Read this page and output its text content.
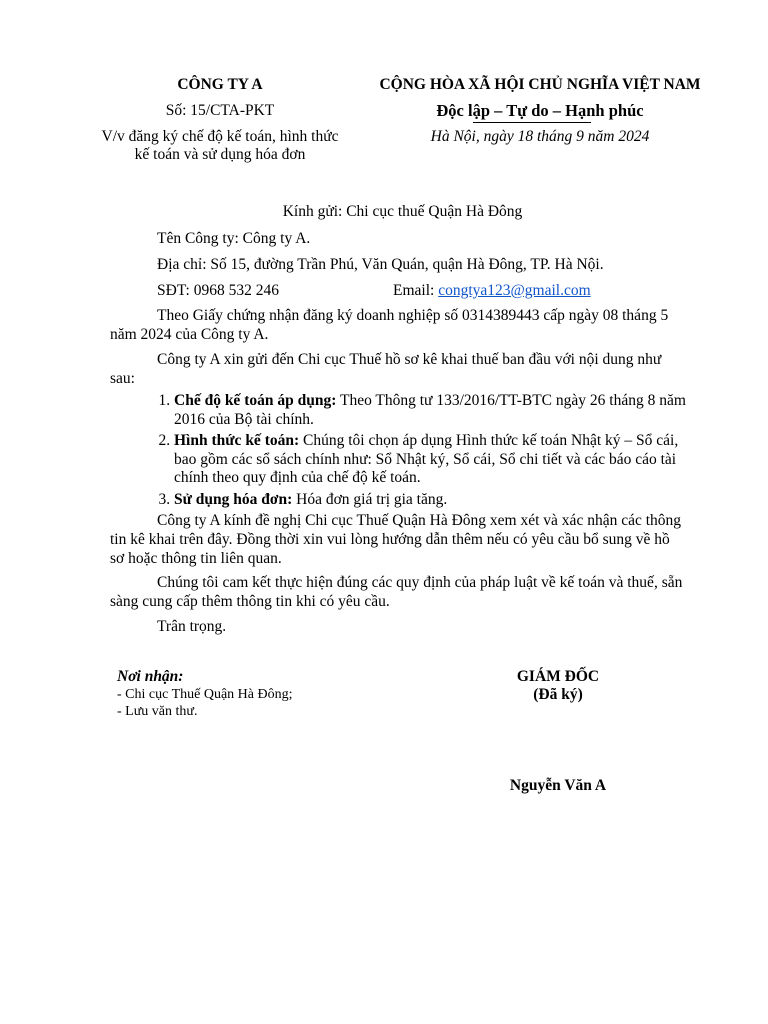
CÔNG TY A
Số: 15/CTA-PKT
V/v đăng ký chế độ kế toán, hình thức
kế toán và sử dụng hóa đơn
CỘNG HÒA XÃ HỘI CHỦ NGHĨA VIỆT NAM
Độc lập – Tự do – Hạnh phúc
Hà Nội, ngày 18 tháng 9 năm 2024
Kính gửi: Chi cục thuế Quận Hà Đông
Tên Công ty: Công ty A.
Địa chỉ: Số 15, đường Trần Phú, Văn Quán, quận Hà Đông, TP. Hà Nội.
SĐT: 0968 532 246	Email: congtya123@gmail.com
Theo Giấy chứng nhận đăng ký doanh nghiệp số 0314389443 cấp ngày 08 tháng 5 năm 2024 của Công ty A.
Công ty A xin gửi đến Chi cục Thuế hồ sơ kê khai thuế ban đầu với nội dung như sau:
1. Chế độ kế toán áp dụng: Theo Thông tư 133/2016/TT-BTC ngày 26 tháng 8 năm 2016 của Bộ tài chính.
2. Hình thức kế toán: Chúng tôi chọn áp dụng Hình thức kế toán Nhật ký – Sổ cái, bao gồm các sổ sách chính như: Sổ Nhật ký, Sổ cái, Sổ chi tiết và các báo cáo tài chính theo quy định của chế độ kế toán.
3. Sử dụng hóa đơn: Hóa đơn giá trị gia tăng.
Công ty A kính đề nghị Chi cục Thuế Quận Hà Đông xem xét và xác nhận các thông tin kê khai trên đây. Đồng thời xin vui lòng hướng dẫn thêm nếu có yêu cầu bổ sung về hồ sơ hoặc thông tin liên quan.
Chúng tôi cam kết thực hiện đúng các quy định của pháp luật về kế toán và thuế, sẵn sàng cung cấp thêm thông tin khi có yêu cầu.
Trân trọng.
Nơi nhận:
- Chi cục Thuế Quận Hà Đông;
- Lưu văn thư.
GIÁM ĐỐC
(Đã ký)
Nguyễn Văn A
